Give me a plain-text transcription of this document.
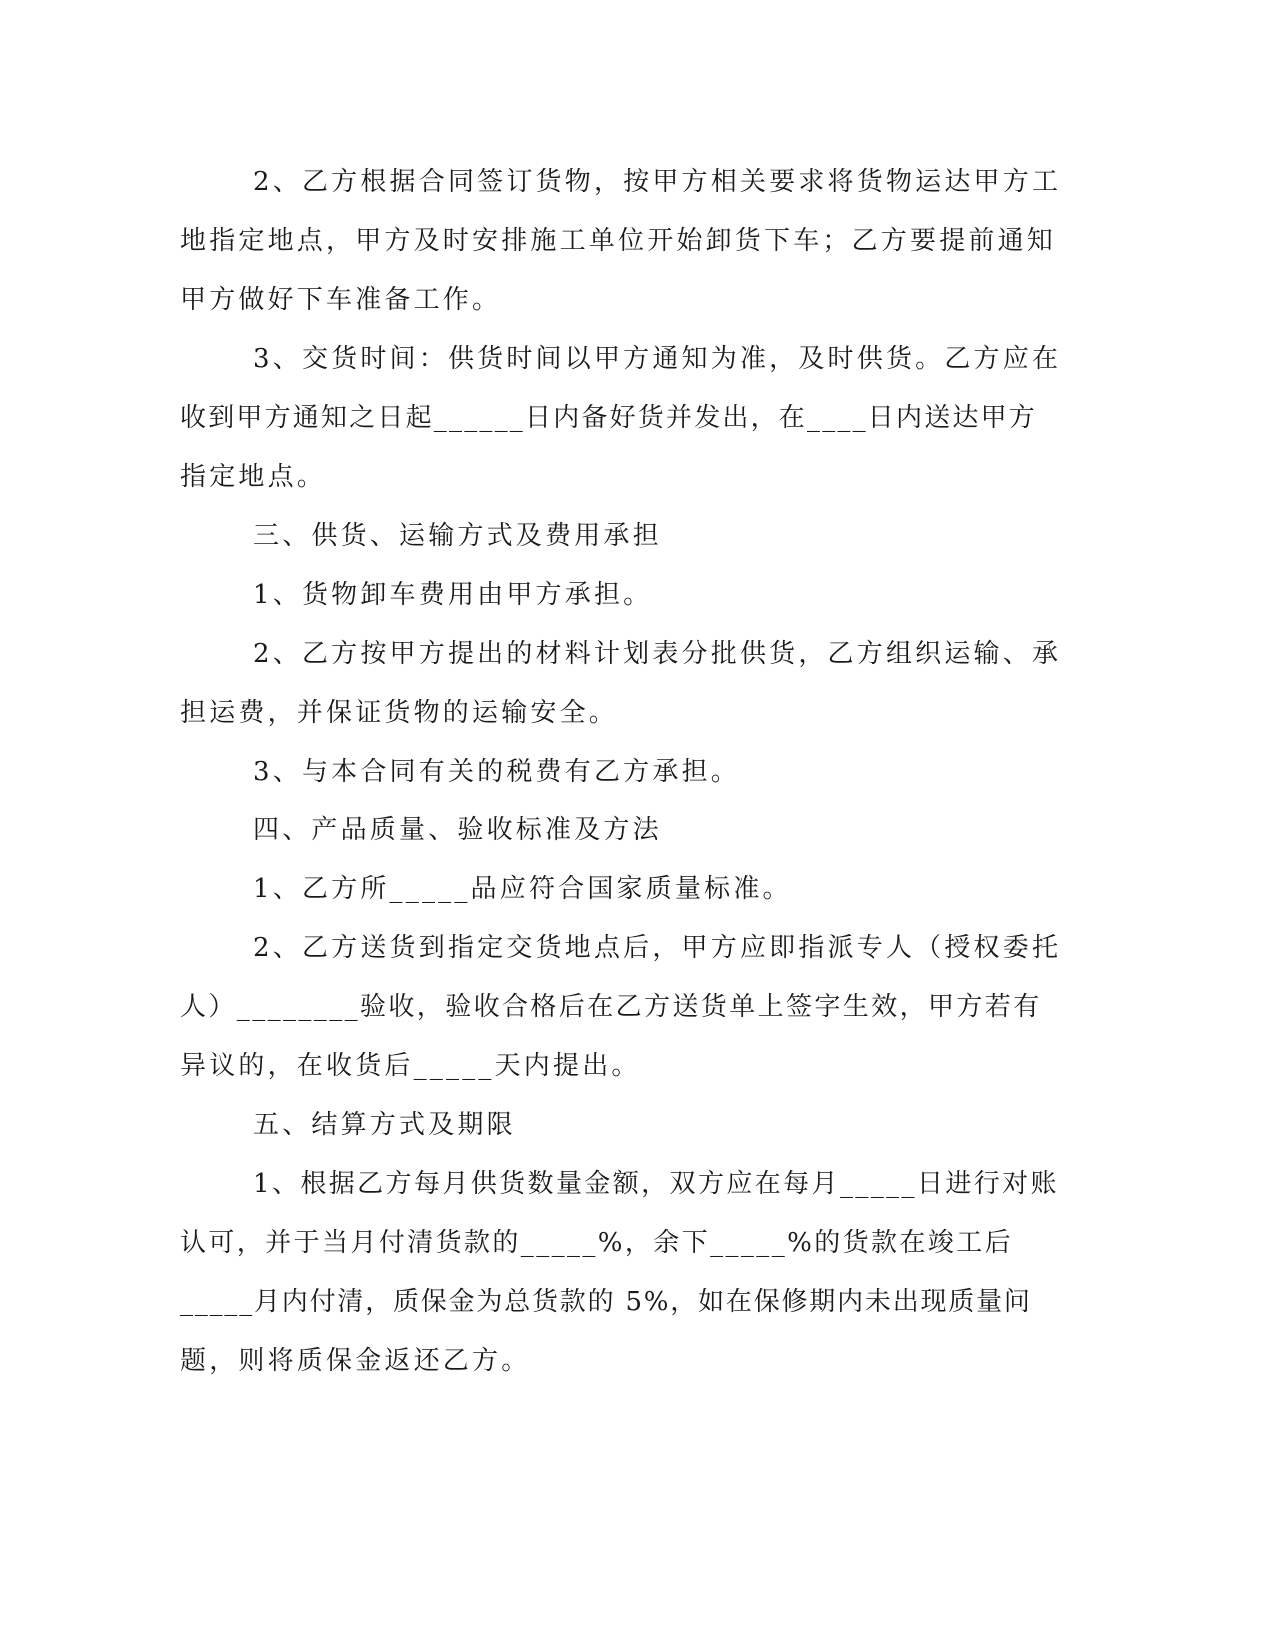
2、乙方根据合同签订货物，按甲方相关要求将货物运达甲方工
地指定地点，甲方及时安排施工单位开始卸货下车；乙方要提前通知
甲方做好下车准备工作。
3、交货时间：供货时间以甲方通知为准，及时供货。乙方应在
收到甲方通知之日起______日内备好货并发出，在____日内送达甲方
指定地点。
三、供货、运输方式及费用承担
1、货物卸车费用由甲方承担。
2、乙方按甲方提出的材料计划表分批供货，乙方组织运输、承
担运费，并保证货物的运输安全。
3、与本合同有关的税费有乙方承担。
四、产品质量、验收标准及方法
1、乙方所_____品应符合国家质量标准。
2、乙方送货到指定交货地点后，甲方应即指派专人（授权委托
人）________验收，验收合格后在乙方送货单上签字生效，甲方若有
异议的，在收货后_____天内提出。
五、结算方式及期限
1、根据乙方每月供货数量金额，双方应在每月_____日进行对账
认可，并于当月付清货款的_____%，余下_____%的货款在竣工后
_____月内付清，质保金为总货款的 5%，如在保修期内未出现质量问
题，则将质保金返还乙方。
